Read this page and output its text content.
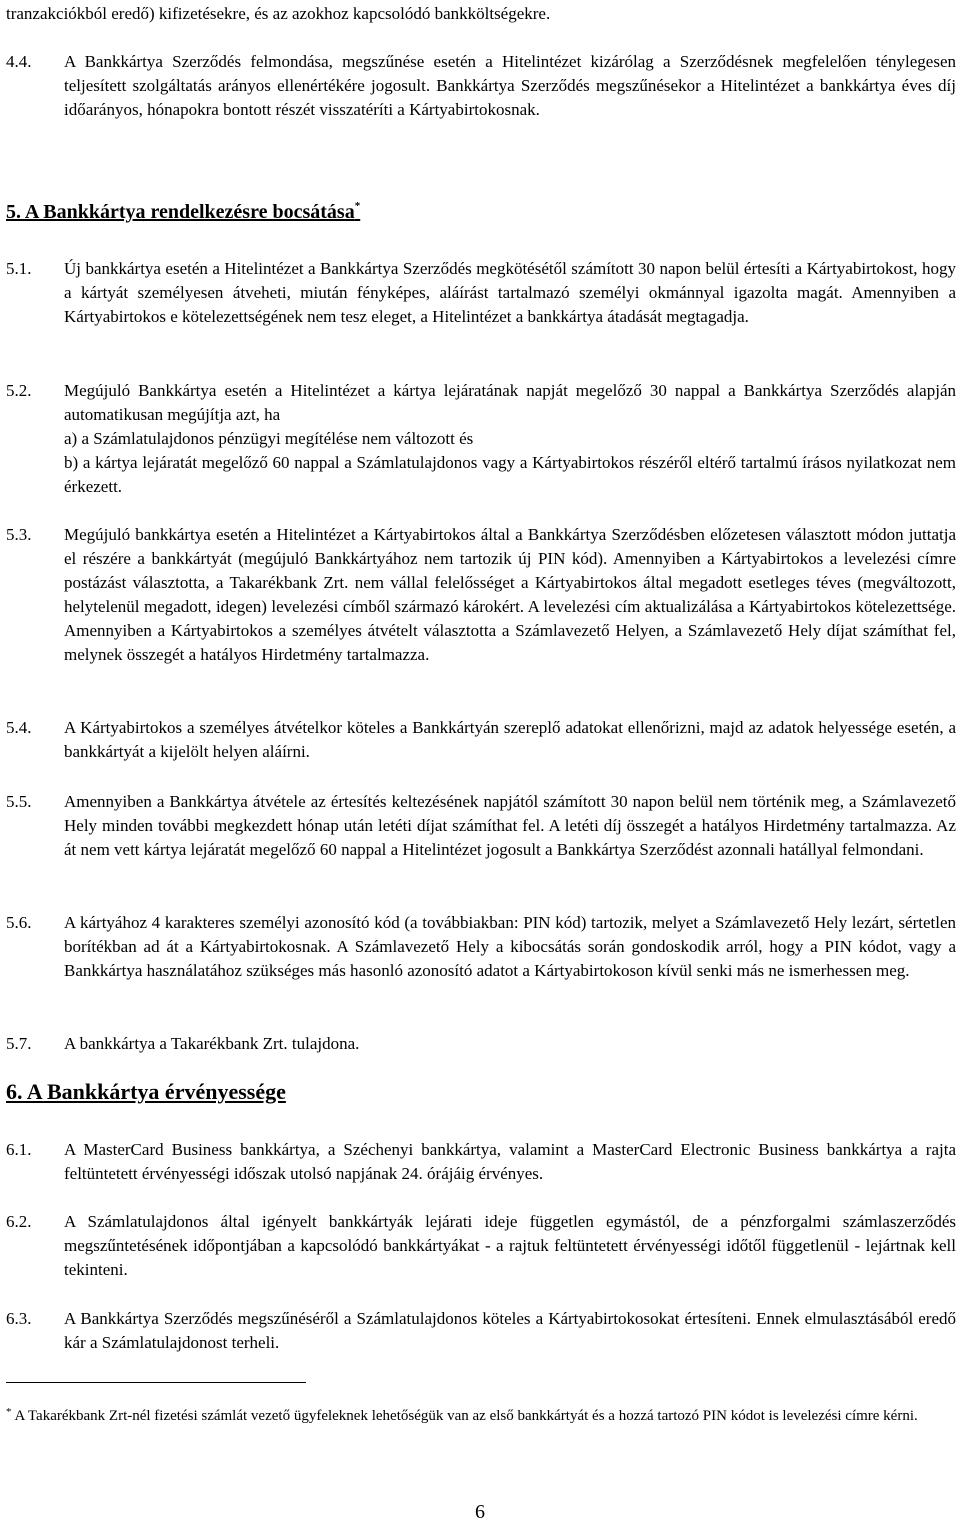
tranzakciókból eredő) kifizetésekre, és az azokhoz kapcsolódó bankköltségekre.
4.4.	A Bankkártya Szerződés felmondása, megszűnése esetén a Hitelintézet kizárólag a Szerződésnek megfelelően ténylegesen teljesített szolgáltatás arányos ellenértékére jogosult. Bankkártya Szerződés megszűnésekor a Hitelintézet a bankkártya éves díj időarányos, hónapokra bontott részét visszatéríti a Kártyabirtokosnak.
5. A Bankkártya rendelkezésre bocsátása*
5.1.	Új bankkártya esetén a Hitelintézet a Bankkártya Szerződés megkötésétől számított 30 napon belül értesíti a Kártyabirtokost, hogy a kártyát személyesen átveheti, miután fényképes, aláírást tartalmazó személyi okmánnyal igazolta magát. Amennyiben a Kártyabirtokos e kötelezettségének nem tesz eleget, a Hitelintézet a bankkártya átadását megtagadja.
5.2.	Megújuló Bankkártya esetén a Hitelintézet a kártya lejáratának napját megelőző 30 nappal a Bankkártya Szerződés alapján automatikusan megújítja azt, ha
a) a Számlatulajdonos pénzügyi megítélése nem változott és
b) a kártya lejáratát megelőző 60 nappal a Számlatulajdonos vagy a Kártyabirtokos részéről eltérő tartalmú írásos nyilatkozat nem érkezett.
5.3.	Megújuló bankkártya esetén a Hitelintézet a Kártyabirtokos által a Bankkártya Szerződésben előzetesen választott módon juttatja el részére a bankkártyát (megújuló Bankkártyához nem tartozik új PIN kód). Amennyiben a Kártyabirtokos a levelezési címre postázást választotta, a Takarékbank Zrt. nem vállal felelősséget a Kártyabirtokos által megadott esetleges téves (megváltozott, helytelenül megadott, idegen) levelezési címből származó károkért. A levelezési cím aktualizálása a Kártyabirtokos kötelezettsége. Amennyiben a Kártyabirtokos a személyes átvételt választotta a Számlavezető Helyen, a Számlavezető Hely díjat számíthat fel, melynek összegét a hatályos Hirdetmény tartalmazza.
5.4.	A Kártyabirtokos a személyes átvételkor köteles a Bankkártyán szereplő adatokat ellenőrizni, majd az adatok helyessége esetén, a bankkártyát a kijelölt helyen aláírni.
5.5.	Amennyiben a Bankkártya átvétele az értesítés keltezésének napjától számított 30 napon belül nem történik meg, a Számlavezető Hely minden további megkezdett hónap után letéti díjat számíthat fel. A letéti díj összegét a hatályos Hirdetmény tartalmazza. Az át nem vett kártya lejáratát megelőző 60 nappal a Hitelintézet jogosult a Bankkártya Szerződést azonnali hatállyal felmondani.
5.6.	A kártyához 4 karakteres személyi azonosító kód (a továbbiakban: PIN kód) tartozik, melyet a Számlavezető Hely lezárt, sértetlen borítékban ad át a Kártyabirtokosnak. A Számlavezető Hely a kibocsátás során gondoskodik arról, hogy a PIN kódot, vagy a Bankkártya használatához szükséges más hasonló azonosító adatot a Kártyabirtokoson kívül senki más ne ismerhessen meg.
5.7.	A bankkártya a Takarékbank Zrt. tulajdona.
6. A Bankkártya érvényessége
6.1.	A MasterCard Business bankkártya, a Széchenyi bankkártya, valamint a MasterCard Electronic Business bankkártya a rajta feltüntetett érvényességi időszak utolsó napjának 24. órájáig érvényes.
6.2.	A Számlatulajdonos által igényelt bankkártyák lejárati ideje független egymástól, de a pénzforgalmi számlaszerződés megszűntetésének időpontjában a kapcsolódó bankkártyákat - a rajtuk feltüntetett érvényességi időtől függetlenül - lejártnak kell tekinteni.
6.3.	A Bankkártya Szerződés megszűnéséről a Számlatulajdonos köteles a Kártyabirtokosokat értesíteni. Ennek elmulasztásából eredő kár a Számlatulajdonost terheli.
* A Takarékbank Zrt-nél fizetési számlát vezető ügyfeleknek lehetőségük van az első bankkártyát és a hozzá tartozó PIN kódot is levelezési címre kérni.
6
